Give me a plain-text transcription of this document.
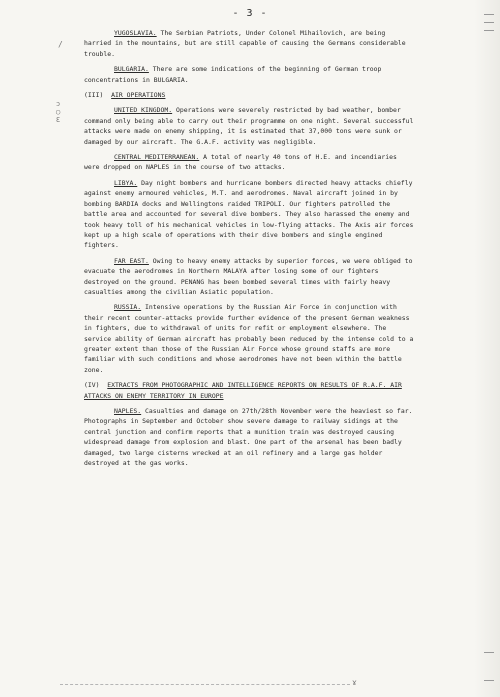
/
ɔ
◯
Ɛ
ɤ
- 3 -

YUGOSLAVIA. The Serbian Patriots, Under Colonel Mihailovich, are being harried in the mountains, but are still capable of causing the Germans considerable trouble.

BULGARIA. There are some indications of the beginning of German troop concentrations in BULGARIA.

(III) AIR OPERATIONS

UNITED KINGDOM. Operations were severely restricted by bad weather, bomber command only being able to carry out their programme on one night. Several successful attacks were made on enemy shipping, it is estimated that 37,000 tons were sunk or damaged by our aircraft. The G.A.F. activity was negligible.

CENTRAL MEDITERRANEAN. A total of nearly 40 tons of H.E. and incendiaries were dropped on NAPLES in the course of two attacks.

LIBYA. Day night bombers and hurricane bombers directed heavy attacks chiefly against enemy armoured vehicles, M.T. and aerodromes. Naval aircraft joined in by bombing BARDIA docks and Wellingtons raided TRIPOLI. Our fighters patrolled the battle area and accounted for several dive bombers. They also harassed the enemy and took heavy toll of his mechanical vehicles in low-flying attacks. The Axis air forces kept up a high scale of operations with their dive bombers and single engined fighters.

FAR EAST. Owing to heavy enemy attacks by superior forces, we were obliged to evacuate the aerodromes in Northern MALAYA after losing some of our fighters destroyed on the ground. PENANG has been bombed several times with fairly heavy casualties among the civilian Asiatic population.

RUSSIA. Intensive operations by the Russian Air Force in conjunction with their recent counter-attacks provide further evidence of the present German weakness in fighters, due to withdrawal of units for refit or employment elsewhere. The service ability of German aircraft has probably been reduced by the intense cold to a greater extent than those of the Russian Air Force whose ground staffs are more familiar with such conditions and whose aerodromes have not been within the battle zone.

(IV) EXTRACTS FROM PHOTOGRAPHIC AND INTELLIGENCE REPORTS ON RESULTS OF R.A.F. AIR ATTACKS ON ENEMY TERRITORY IN EUROPE

NAPLES. Casualties and damage on 27th/28th November were the heaviest so far. Photographs in September and October show severe damage to railway sidings at the central junction and confirm reports that a munition train was destroyed causing widespread damage from explosion and blast. One part of the arsenal has been badly damaged, two large cisterns wrecked at an oil refinery and a large gas holder destroyed at the gas works.
